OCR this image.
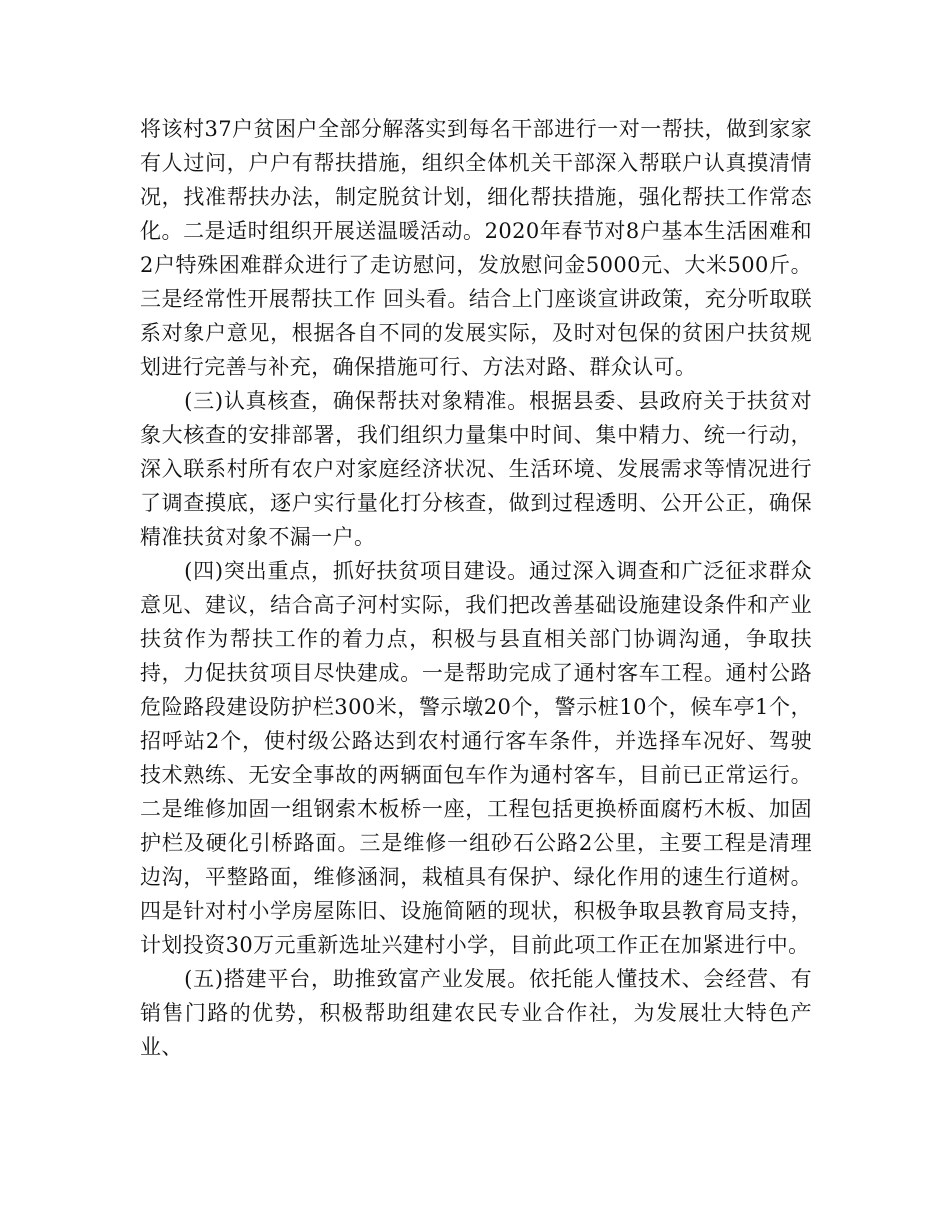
将该村37户贫困户全部分解落实到每名干部进行一对一帮扶，做到家家有人过问，户户有帮扶措施，组织全体机关干部深入帮联户认真摸清情况，找准帮扶办法，制定脱贫计划，细化帮扶措施，强化帮扶工作常态化。二是适时组织开展送温暖活动。2020年春节对8户基本生活困难和2户特殊困难群众进行了走访慰问，发放慰问金5000元、大米500斤。三是经常性开展帮扶工作 回头看。结合上门座谈宣讲政策，充分听取联系对象户意见，根据各自不同的发展实际，及时对包保的贫困户扶贫规划进行完善与补充，确保措施可行、方法对路、群众认可。

(三)认真核查，确保帮扶对象精准。根据县委、县政府关于扶贫对象大核查的安排部署，我们组织力量集中时间、集中精力、统一行动，深入联系村所有农户对家庭经济状况、生活环境、发展需求等情况进行了调查摸底，逐户实行量化打分核查，做到过程透明、公开公正，确保精准扶贫对象不漏一户。

(四)突出重点，抓好扶贫项目建设。通过深入调查和广泛征求群众意见、建议，结合高子河村实际，我们把改善基础设施建设条件和产业扶贫作为帮扶工作的着力点，积极与县直相关部门协调沟通，争取扶持，力促扶贫项目尽快建成。一是帮助完成了通村客车工程。通村公路危险路段建设防护栏300米，警示墩20个，警示桩10个，候车亭1个，招呼站2个，使村级公路达到农村通行客车条件，并选择车况好、驾驶技术熟练、无安全事故的两辆面包车作为通村客车，目前已正常运行。二是维修加固一组钢索木板桥一座，工程包括更换桥面腐朽木板、加固护栏及硬化引桥路面。三是维修一组砂石公路2公里，主要工程是清理边沟，平整路面，维修涵洞，栽植具有保护、绿化作用的速生行道树。四是针对村小学房屋陈旧、设施简陋的现状，积极争取县教育局支持，计划投资30万元重新选址兴建村小学，目前此项工作正在加紧进行中。

(五)搭建平台，助推致富产业发展。依托能人懂技术、会经营、有销售门路的优势，积极帮助组建农民专业合作社，为发展壮大特色产业、
